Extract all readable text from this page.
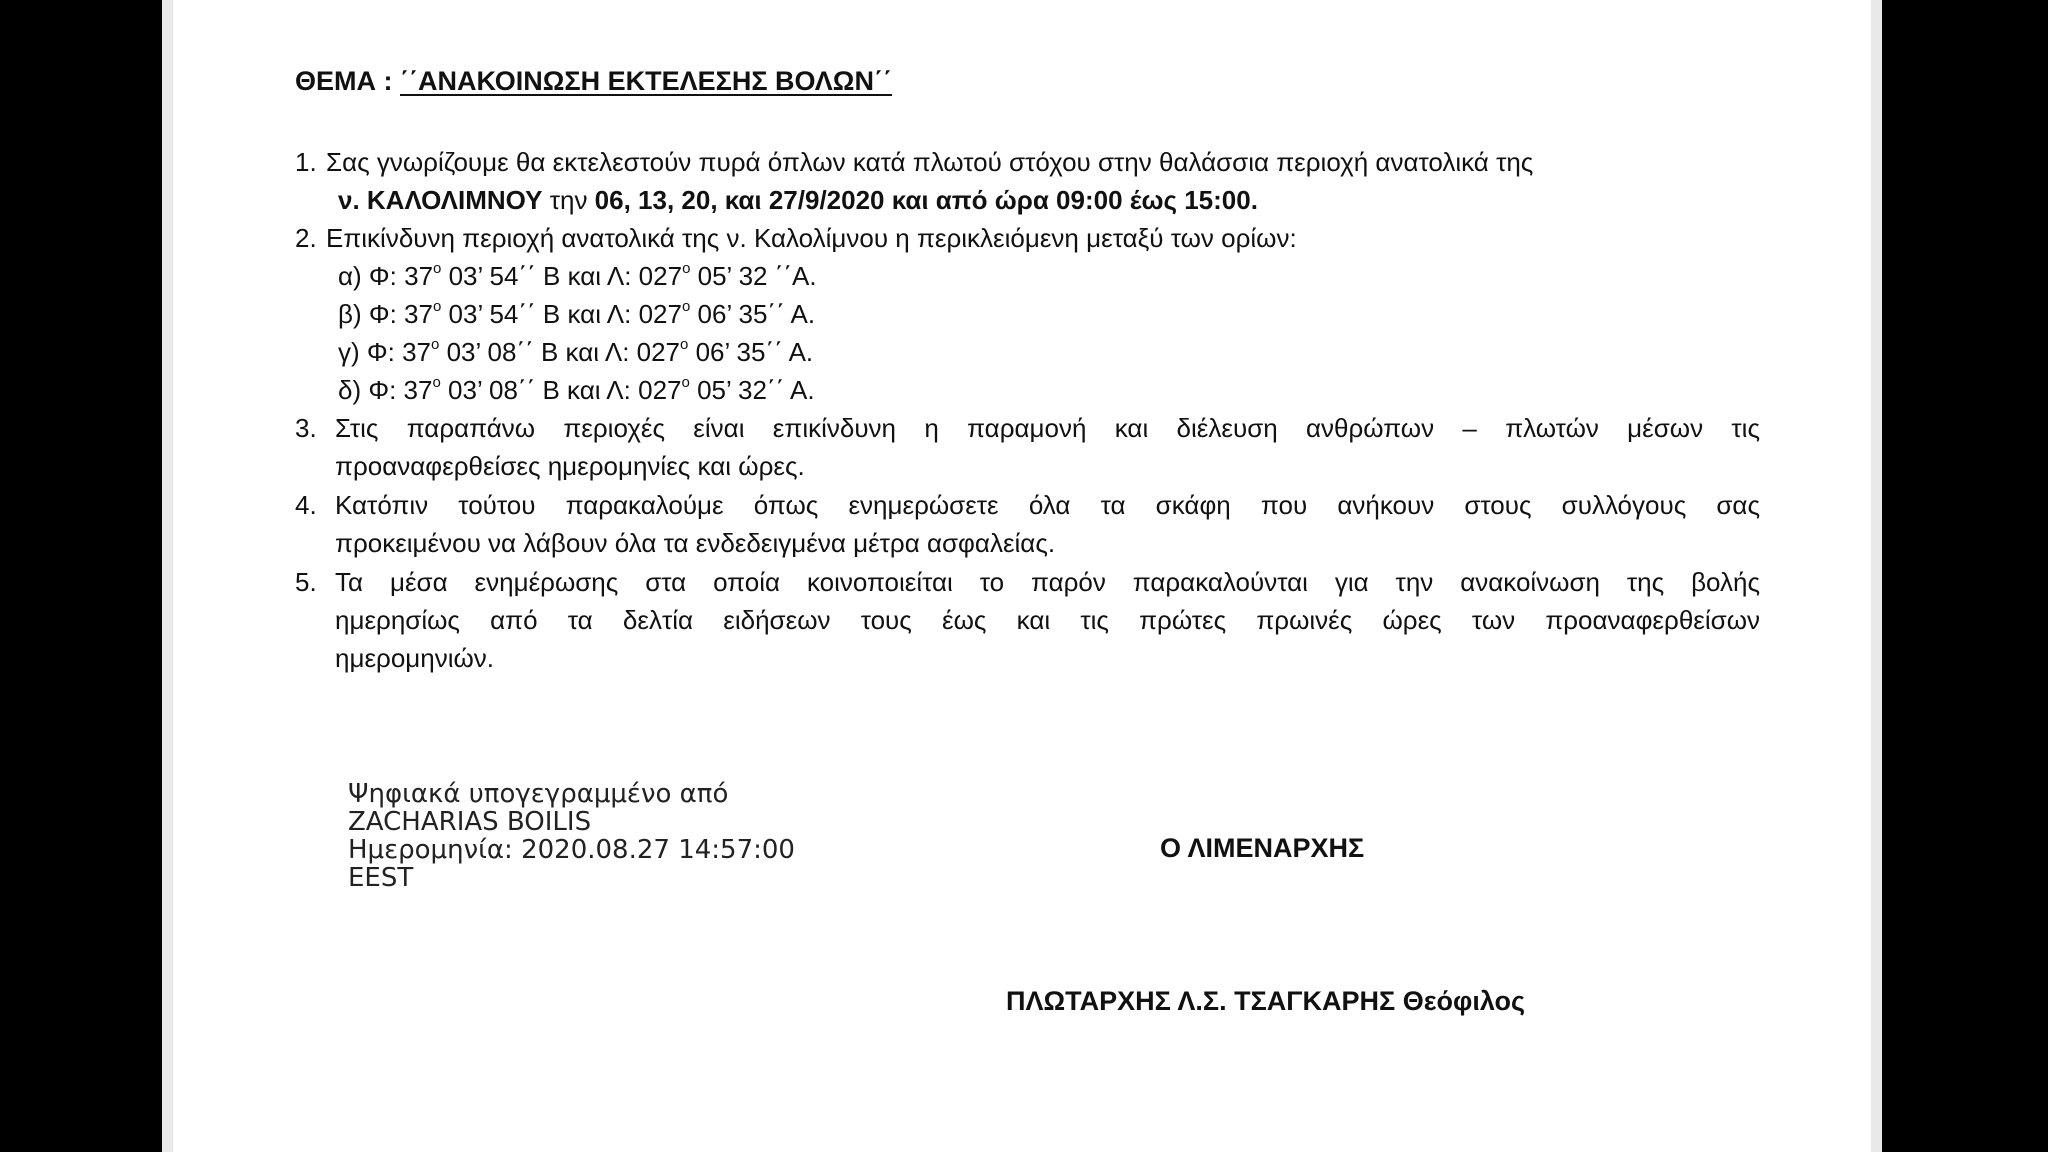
ΘΕΜΑ : ΄΄ΑΝΑΚΟΙΝΩΣΗ ΕΚΤΕΛΕΣΗΣ ΒΟΛΩΝ΄΄
1. Σας γνωρίζουμε θα εκτελεστούν πυρά όπλων κατά πλωτού στόχου στην θαλάσσια περιοχή ανατολικά της
ν. ΚΑΛΟΛΙΜΝΟΥ την 06, 13, 20, και 27/9/2020 και από ώρα 09:00 έως 15:00.
2. Επικίνδυνη περιοχή ανατολικά της ν. Καλολίμνου η περικλειόμενη μεταξύ των ορίων:
α) Φ: 37$^o$ 03’ 54΄΄ Β και Λ: 027$^o$ 05’ 32 ΄΄Α.
β) Φ: 37$^o$ 03’ 54΄΄ Β και Λ: 027$^o$ 06’ 35΄΄ Α.
γ) Φ: 37$^o$ 03’ 08΄΄ Β και Λ: 027$^o$ 06’ 35΄΄ Α.
δ) Φ: 37$^o$ 03’ 08΄΄ Β και Λ: 027$^o$ 05’ 32΄΄ Α.
3. Στις παραπάνω περιοχές είναι επικίνδυνη η παραμονή και διέλευση ανθρώπων – πλωτών μέσων τις
προαναφερθείσες ημερομηνίες και ώρες.
4. Κατόπιν τούτου παρακαλούμε όπως ενημερώσετε όλα τα σκάφη που ανήκουν στους συλλόγους σας
προκειμένου να λάβουν όλα τα ενδεδειγμένα μέτρα ασφαλείας.
5. Τα μέσα ενημέρωσης στα οποία κοινοποιείται το παρόν παρακαλούνται για την ανακοίνωση της βολής
ημερησίως από τα δελτία ειδήσεων τους έως και τις πρώτες πρωινές ώρες των προαναφερθείσων
ημερομηνιών.
Ψηφιακά υπογεγραμμένο από
ZACHARIAS BOILIS
Ημερομηνία: 2020.08.27 14:57:00
EEST
Ο ΛΙΜΕΝΑΡΧΗΣ
ΠΛΩΤΑΡΧΗΣ Λ.Σ. ΤΣΑΓΚΑΡΗΣ Θεόφιλος
